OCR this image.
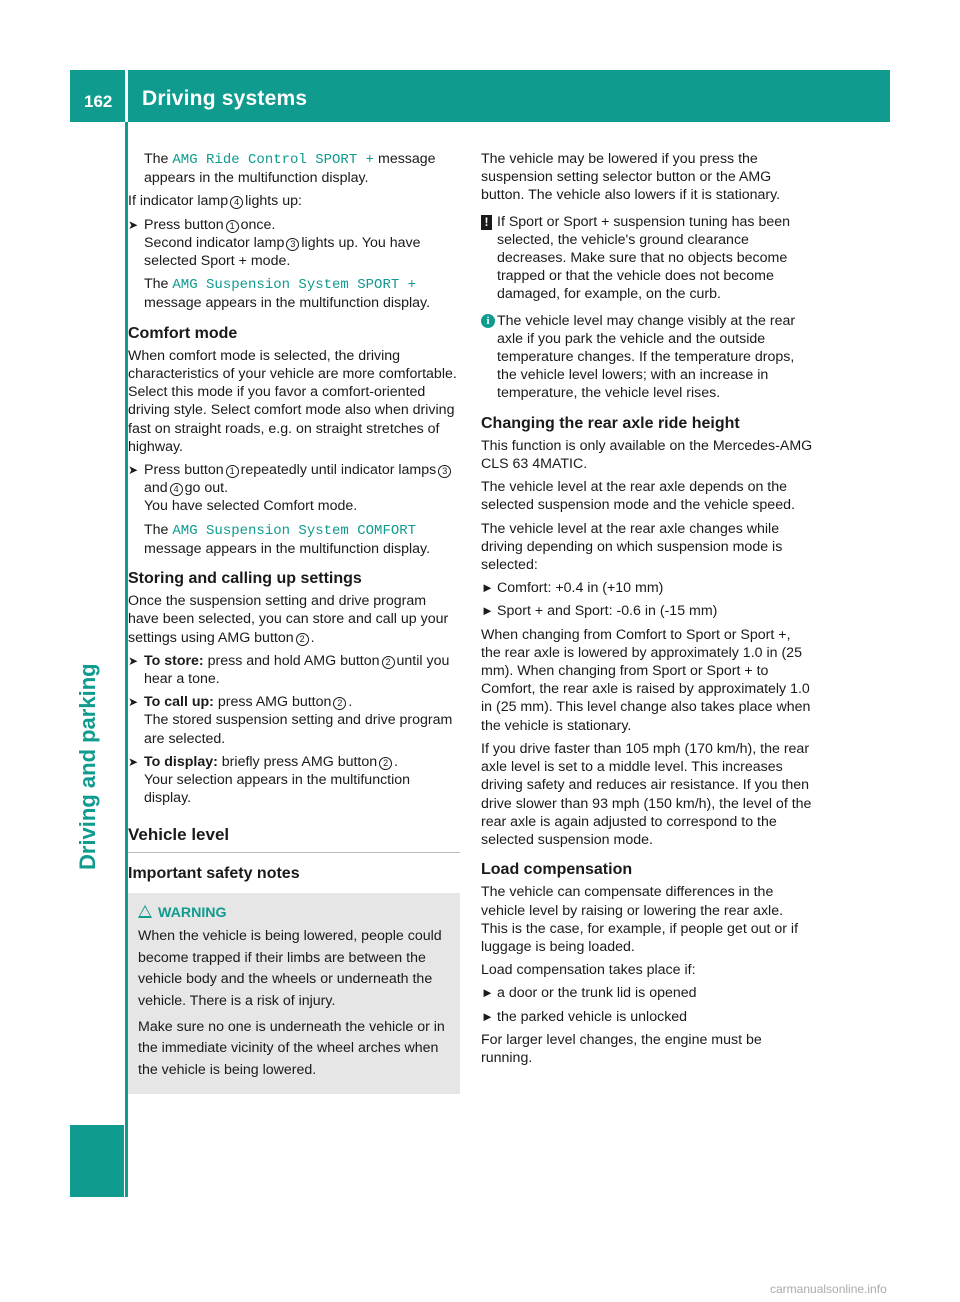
162 Driving systems
Driving and parking

The AMG Ride Control SPORT + message appears in the multifunction display.

If indicator lamp 4 lights up:

➤ Press button 1 once.
Second indicator lamp 3 lights up. You have selected Sport + mode.
The AMG Suspension System SPORT + message appears in the multifunction display.
Comfort mode

When comfort mode is selected, the driving characteristics of your vehicle are more comfortable. Select this mode if you favor a comfort-oriented driving style. Select comfort mode also when driving fast on straight roads, e.g. on straight stretches of highway.

➤ Press button 1 repeatedly until indicator lamps 3and 4 go out.
You have selected Comfort mode.
The AMG Suspension System COMFORT message appears in the multifunction display.
Storing and calling up settings

Once the suspension setting and drive program have been selected, you can store and call up your settings using AMG button 2 .

➤ To store: press and hold AMG button 2 until you hear a tone.
➤ To call up: press AMG button 2 .
The stored suspension setting and drive program are selected.
➤ To display: briefly press AMG button 2 .
Your selection appears in the multifunction display.
Vehicle level
Important safety notes
WARNING

When the vehicle is being lowered, people could become trapped if their limbs are between the vehicle body and the wheels or underneath the vehicle. There is a risk of injury.

Make sure no one is underneath the vehicle or in the immediate vicinity of the wheel arches when the vehicle is being lowered.

The vehicle may be lowered if you press the suspension setting selector button or the AMG button. The vehicle also lowers if it is stationary.

! If Sport or Sport + suspension tuning has been selected, the vehicle's ground clearance decreases. Make sure that no objects become trapped or that the vehicle does not become damaged, for example, on the curb.
i The vehicle level may change visibly at the rear axle if you park the vehicle and the outside temperature changes. If the temperature drops, the vehicle level lowers; with an increase in temperature, the vehicle level rises.
Changing the rear axle ride height

This function is only available on the Mercedes-AMG CLS 63 4MATIC.

The vehicle level at the rear axle depends on the selected suspension mode and the vehicle speed.

The vehicle level at the rear axle changes while driving depending on which suspension mode is selected:

► Comfort: +0.4 in (+10 mm)
► Sport + and Sport: -0.6 in (-15 mm)

When changing from Comfort to Sport or Sport +, the rear axle is lowered by approximately 1.0 in (25 mm). When changing from Sport or Sport + to Comfort, the rear axle is raised by approximately 1.0 in (25 mm). This level change also takes place when the vehicle is stationary.

If you drive faster than 105 mph (170 km/h), the rear axle level is set to a middle level. This increases driving safety and reduces air resistance. If you then drive slower than 93 mph (150 km/h), the level of the rear axle is again adjusted to correspond to the selected suspension mode.

Load compensation

The vehicle can compensate differences in the vehicle level by raising or lowering the rear axle. This is the case, for example, if people get out or if luggage is being loaded.

Load compensation takes place if:

► a door or the trunk lid is opened
► the parked vehicle is unlocked

For larger level changes, the engine must be running.

carmanualsonline.info
